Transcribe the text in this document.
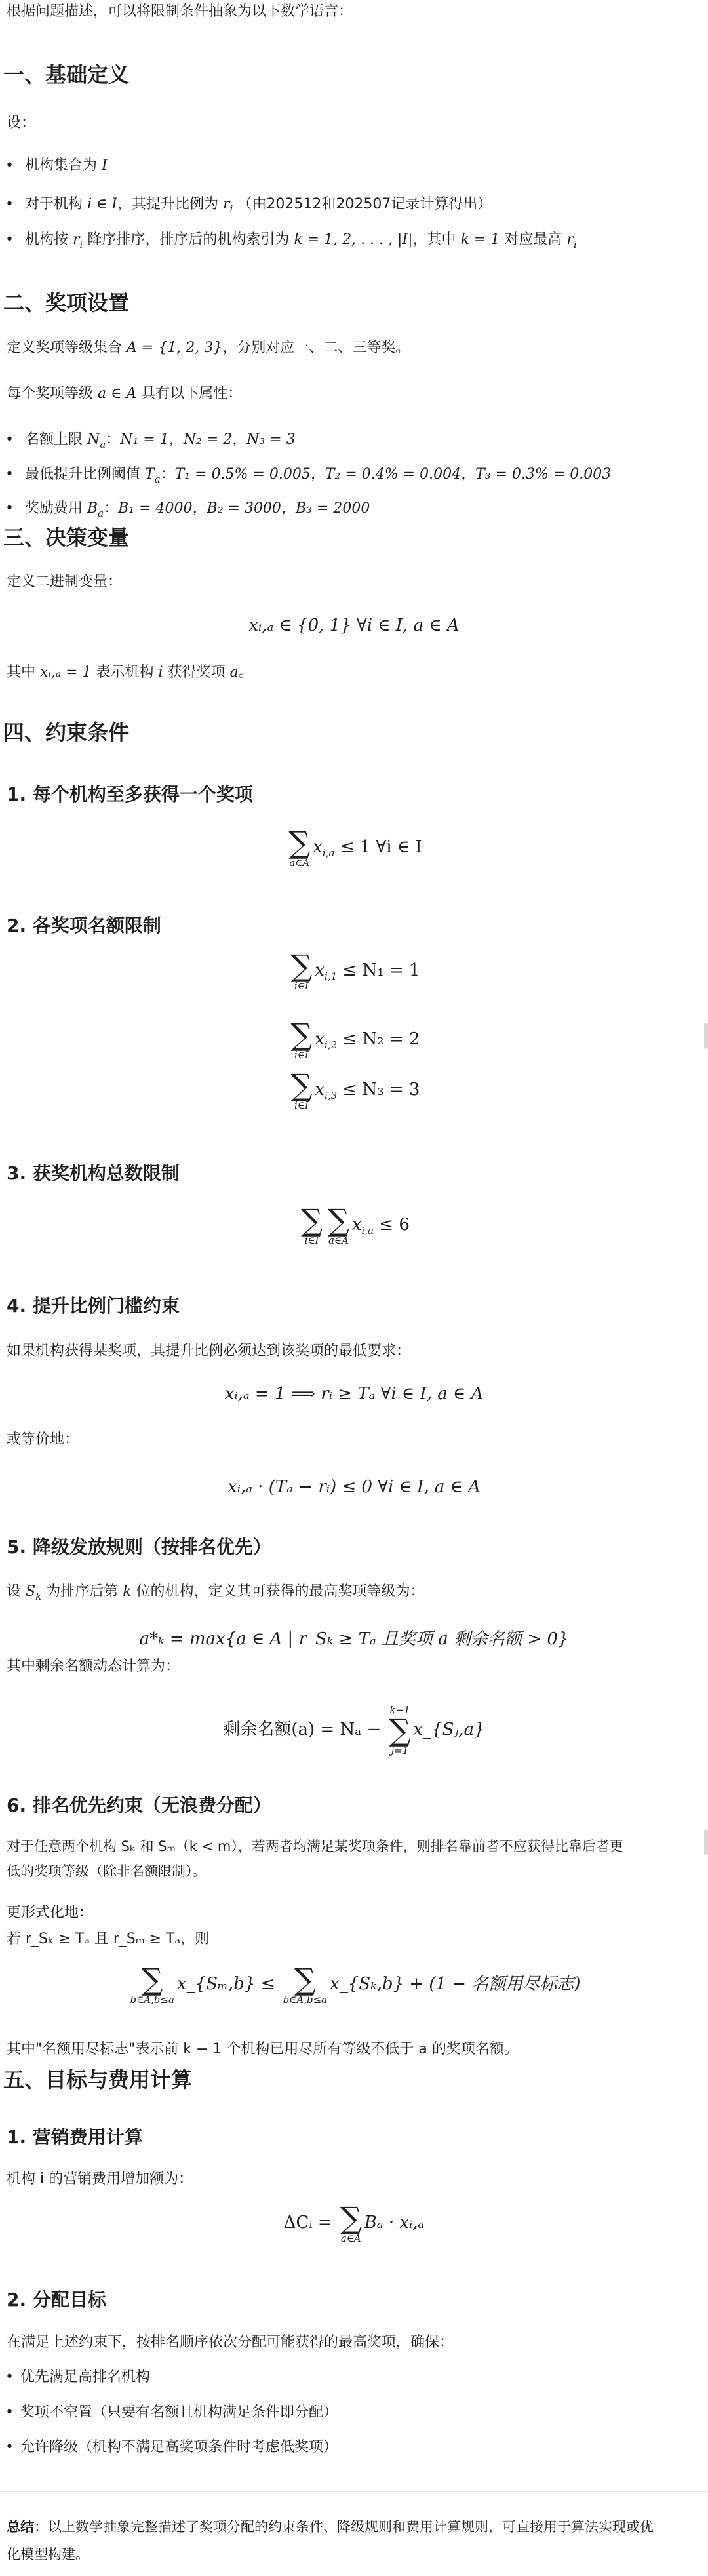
根据问题描述，可以将限制条件抽象为以下数学语言：
一、基础定义
设：
• 机构集合为 I
• 对于机构 i ∈ I，其提升比例为 $r_i$ （由202512和202507记录计算得出）
• 机构按 $r_i$ 降序排序，排序后的机构索引为 k = 1, 2, . . . , |I|，其中 k = 1 对应最高 $r_i$
二、奖项设置
定义奖项等级集合 A = {1, 2, 3}，分别对应一、二、三等奖。
每个奖项等级 a ∈ A 具有以下属性：
• 名额上限 $N_a$：N₁ = 1，N₂ = 2，N₃ = 3
• 最低提升比例阈值 $T_a$：T₁ = 0.5% = 0.005，T₂ = 0.4% = 0.004，T₃ = 0.3% = 0.003
• 奖励费用 $B_a$：B₁ = 4000，B₂ = 3000，B₃ = 2000
三、决策变量
定义二进制变量：
xᵢ,ₐ ∈ {0, 1} ∀i ∈ I, a ∈ A
其中 xᵢ,ₐ = 1 表示机构 i 获得奖项 a。
四、约束条件
1. 每个机构至多获得一个奖项
∑
a∈A
$x_{i,a} \le 1$ ∀i ∈ I
2. 各奖项名额限制
∑
i∈I
$x_{i,1} \le N_1 = 1$
∑
i∈I
$x_{i,2} \le N_2 = 2$
∑
i∈I
$x_{i,3} \le N_3 = 3$
3. 获奖机构总数限制
∑
i∈I
∑
a∈A
$x_{i,a} \le 6$
4. 提升比例门槛约束
如果机构获得某奖项，其提升比例必须达到该奖项的最低要求：
xᵢ,ₐ = 1 ⟹ rᵢ ≥ Tₐ ∀i ∈ I, a ∈ A
或等价地：
xᵢ,ₐ · (Tₐ − rᵢ) ≤ 0 ∀i ∈ I, a ∈ A
5. 降级发放规则（按排名优先）
设 $S_k$ 为排序后第 k 位的机构，定义其可获得的最高奖项等级为：
a*ₖ = max{a ∈ A | r_Sₖ ≥ Tₐ 且奖项 a 剩余名额 > 0}
其中剩余名额动态计算为：
剩余名额(a) = Nₐ −
k−1
∑
j=1
x_{Sⱼ,a}
6. 排名优先约束（无浪费分配）
对于任意两个机构 Sₖ 和 Sₘ（k < m），若两者均满足某奖项条件，则排名靠前者不应获得比靠后者更
低的奖项等级（除非名额限制）。
更形式化地：
若 r_Sₖ ≥ Tₐ 且 r_Sₘ ≥ Tₐ，则
∑
b∈A,b≤a
x_{Sₘ,b} ≤ ∑
b∈A,b≤a
x_{Sₖ,b} + (1 − 名额用尽标志)
其中"名额用尽标志"表示前 k − 1 个机构已用尽所有等级不低于 a 的奖项名额。
五、目标与费用计算
1. 营销费用计算
机构 i 的营销费用增加额为：
ΔCᵢ = ∑
a∈A
Bₐ · xᵢ,ₐ
2. 分配目标
在满足上述约束下，按排名顺序依次分配可能获得的最高奖项，确保：
• 优先满足高排名机构
• 奖项不空置（只要有名额且机构满足条件即分配）
• 允许降级（机构不满足高奖项条件时考虑低奖项）
总结：以上数学抽象完整描述了奖项分配的约束条件、降级规则和费用计算规则，可直接用于算法实现或优
化模型构建。
